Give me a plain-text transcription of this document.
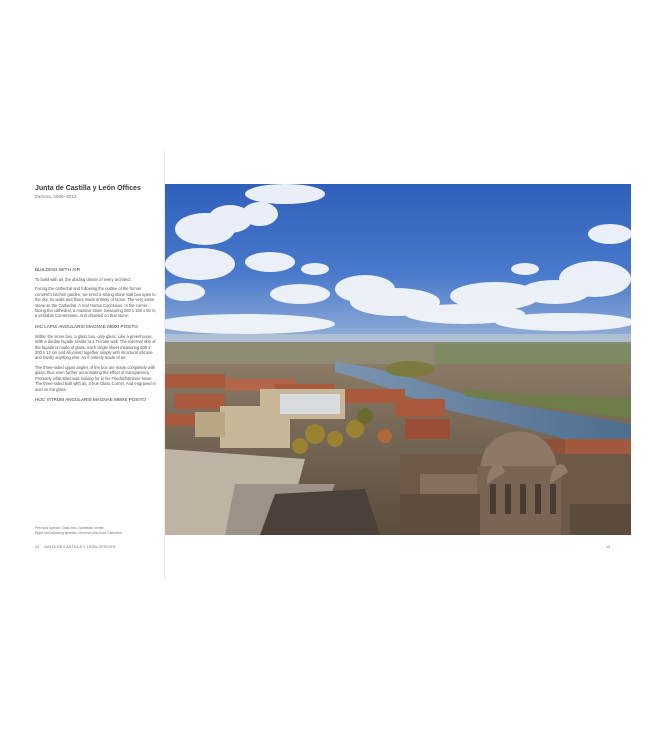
Junta de Castilla y León Offices
Zamora, 2006–2012
BUILDING WITH AIR

To build with air, the abiding dream of every architect.

Facing the cathedral and following the outline of the former convent's kitchen garden, we erect a strong stone wall box open to the sky. Its walls and floors made entirely of stone. The very same stone as the Cathedral. A real Hortus Conclusus. In the corner facing the cathedral, a massive stone measuring 250 x 150 x 50 m, a veritable Cornerstone. And chiseled on that stone:

HIC LAPIS ANGULARIS MAGNAE MMXI POSITO

Within the stone box, a glass box, only glass. Like a greenhouse. With a double façade similar to a Trombe wall. The external skin of the façade is made of glass, each single sheet measuring 600 x 300 x 12 cm and all joined together simply with structural silicone and hardly anything else. As if entirely made of air.

The three-sided upper angles of the box are made completely with glass, thus even further accentuating the effect of transparency. Precisely what Mies was looking for in his Friedrichstrasse tower. The three-sided built with air, a true Glass Corner. And engraved in acid on the glass:

HOC VITRUM ANGULARIS MAGNAE MMXII POSITO
Previous spread: Glass box. Northeast corner.
Right and following spreads: General view from Cathedral.
12 JUNTA DE CASTILLA Y LEÓN OFFICES	13
